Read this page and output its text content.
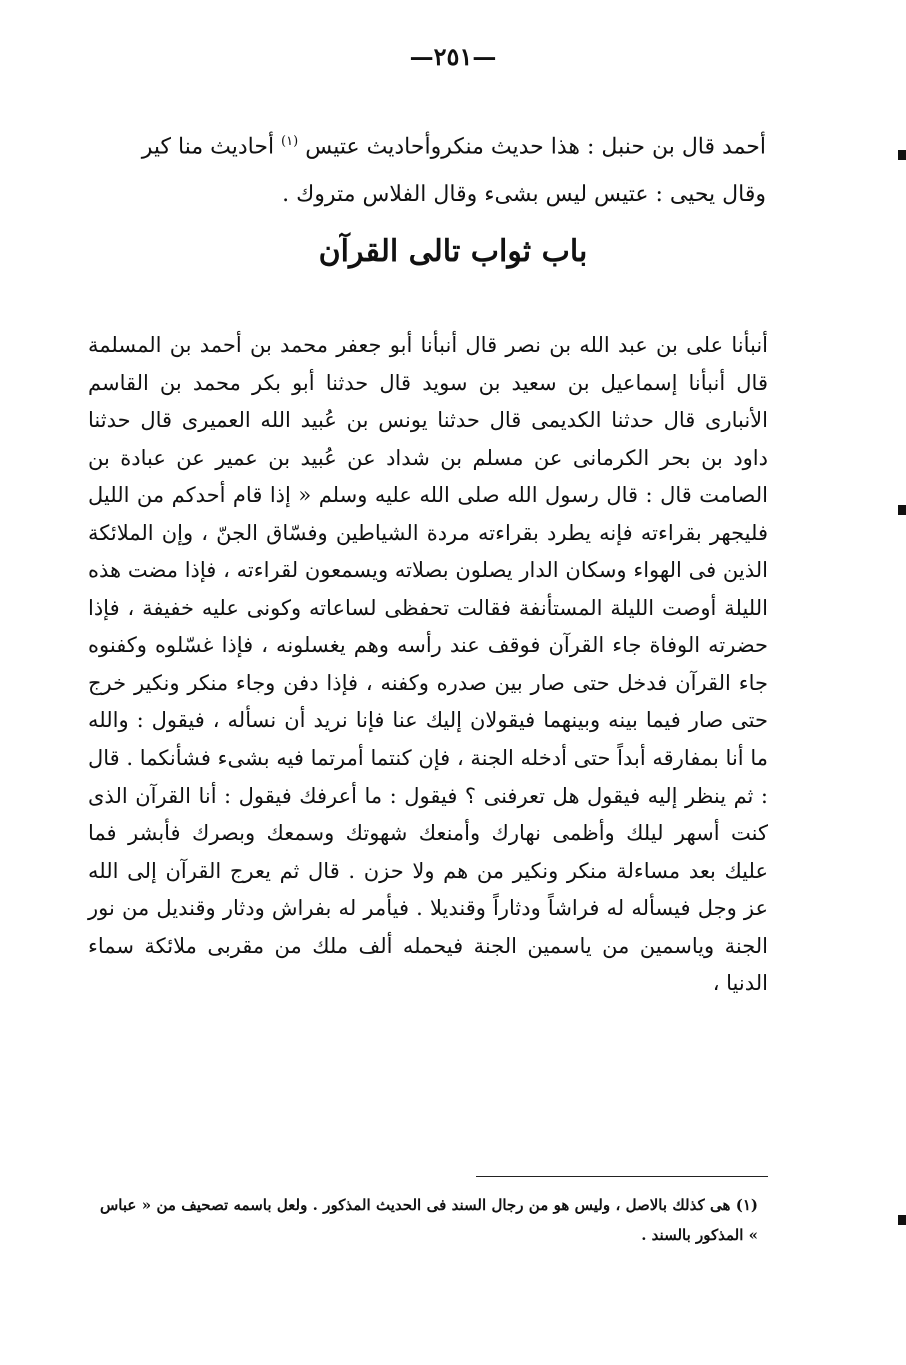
—٢٥١—
أحمد قال بن حنبل : هذا حديث منكروأحاديث عتيس $^{(١)}$ أحاديث منا كير
وقال يحيى : عتيس ليس بشىء وقال الفلاس متروك .
باب ثواب تالى القرآن
أنبأنا على بن عبد الله بن نصر قال أنبأنا أبو جعفر محمد بن أحمد بن المسلمة قال أنبأنا إسماعيل بن سعيد بن سويد قال حدثنا أبو بكر محمد بن القاسم الأنبارى قال حدثنا الكديمى قال حدثنا يونس بن عُبيد الله العميرى قال حدثنا داود بن بحر الكرمانى عن مسلم بن شداد عن عُبيد بن عمير عن عبادة بن الصامت قال : قال رسول الله صلى الله عليه وسلم « إذا قام أحدكم من الليل فليجهر بقراءته فإنه يطرد بقراءته مردة الشياطين وفسّاق الجنّ ، وإن الملائكة الذين فى الهواء وسكان الدار يصلون بصلاته ويسمعون لقراءته ، فإذا مضت هذه الليلة أوصت الليلة المستأنفة فقالت تحفظى لساعاته وكونى عليه خفيفة ، فإذا حضرته الوفاة جاء القرآن فوقف عند رأسه وهم يغسلونه ، فإذا غسّلوه وكفنوه جاء القرآن فدخل حتى صار بين صدره وكفنه ، فإذا دفن وجاء منكر ونكير خرج حتى صار فيما بينه وبينهما فيقولان إليك عنا فإنا نريد أن نسأله ، فيقول : والله ما أنا بمفارقه أبداً حتى أدخله الجنة ، فإن كنتما أمرتما فيه بشىء فشأنكما . قال : ثم ينظر إليه فيقول هل تعرفنى ؟ فيقول : ما أعرفك فيقول : أنا القرآن الذى كنت أسهر ليلك وأظمى نهارك وأمنعك شهوتك وسمعك وبصرك فأبشر فما عليك بعد مساءلة منكر ونكير من هم ولا حزن . قال ثم يعرج القرآن إلى الله عز وجل فيسأله له فراشاً ودثاراً وقنديلا . فيأمر له بفراش ودثار وقنديل من نور الجنة وياسمين من ياسمين الجنة فيحمله ألف ملك من مقربى ملائكة سماء الدنيا ،
(١) هى كذلك بالاصل ، وليس هو من رجال السند فى الحديث المذكور . ولعل باسمه تصحيف من « عباس » المذكور بالسند .
